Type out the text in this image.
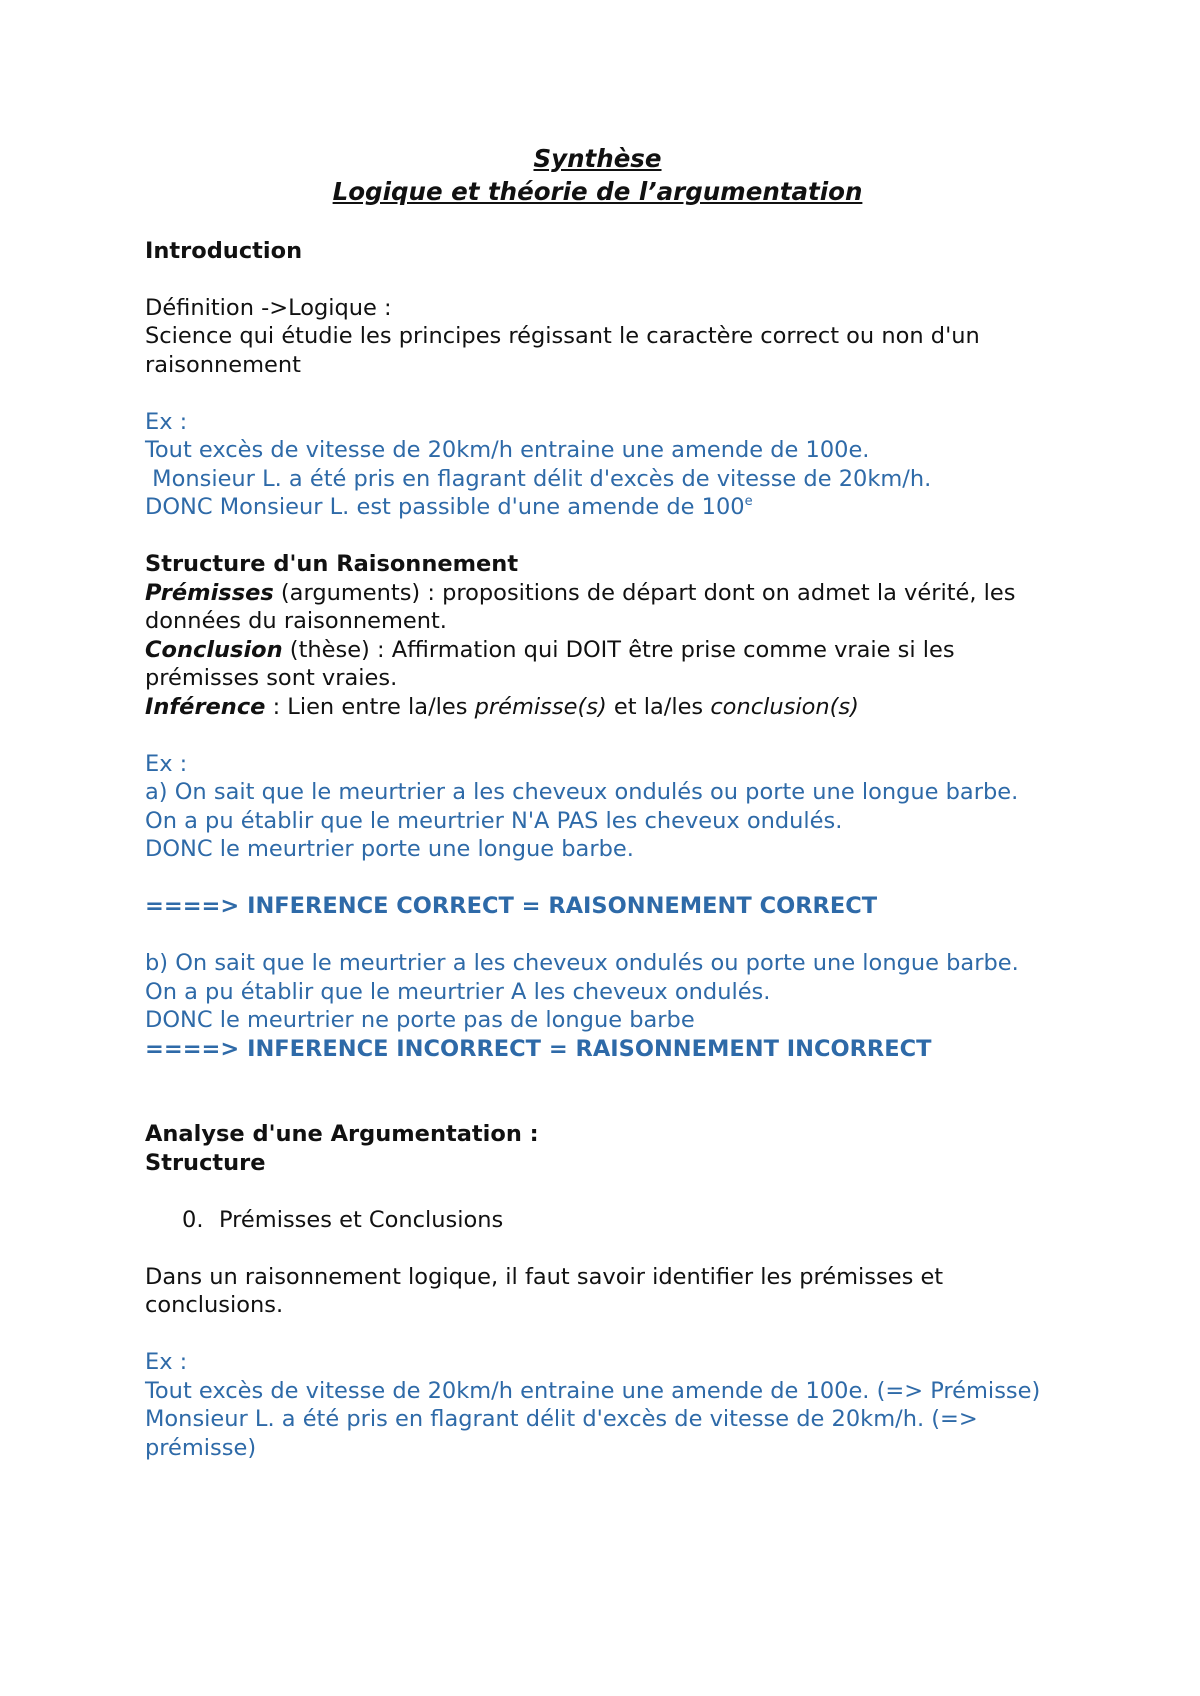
Synthèse
Logique et théorie de l’argumentation
Introduction
Définition ->Logique :
Science qui étudie les principes régissant le caractère correct ou non d'un raisonnement
Ex :
Tout excès de vitesse de 20km/h entraine une amende de 100e.
Monsieur L. a été pris en flagrant délit d'excès de vitesse de 20km/h.
DONC Monsieur L. est passible d'une amende de 100e
Structure d'un Raisonnement
Prémisses (arguments) : propositions de départ dont on admet la vérité, les données du raisonnement.
Conclusion (thèse) : Affirmation qui DOIT être prise comme vraie si les prémisses sont vraies.
Inférence : Lien entre la/les prémisse(s) et la/les conclusion(s)
Ex :
a) On sait que le meurtrier a les cheveux ondulés ou porte une longue barbe.
On a pu établir que le meurtrier N'A PAS les cheveux ondulés.
DONC le meurtrier porte une longue barbe.
====> INFERENCE CORRECT = RAISONNEMENT CORRECT
b) On sait que le meurtrier a les cheveux ondulés ou porte une longue barbe.
On a pu établir que le meurtrier A les cheveux ondulés.
DONC le meurtrier ne porte pas de longue barbe
====> INFERENCE INCORRECT = RAISONNEMENT INCORRECT
Analyse d'une Argumentation :
Structure
0. Prémisses et Conclusions
Dans un raisonnement logique, il faut savoir identifier les prémisses et conclusions.
Ex :
Tout excès de vitesse de 20km/h entraine une amende de 100e. (=> Prémisse)
Monsieur L. a été pris en flagrant délit d'excès de vitesse de 20km/h. (=> prémisse)
